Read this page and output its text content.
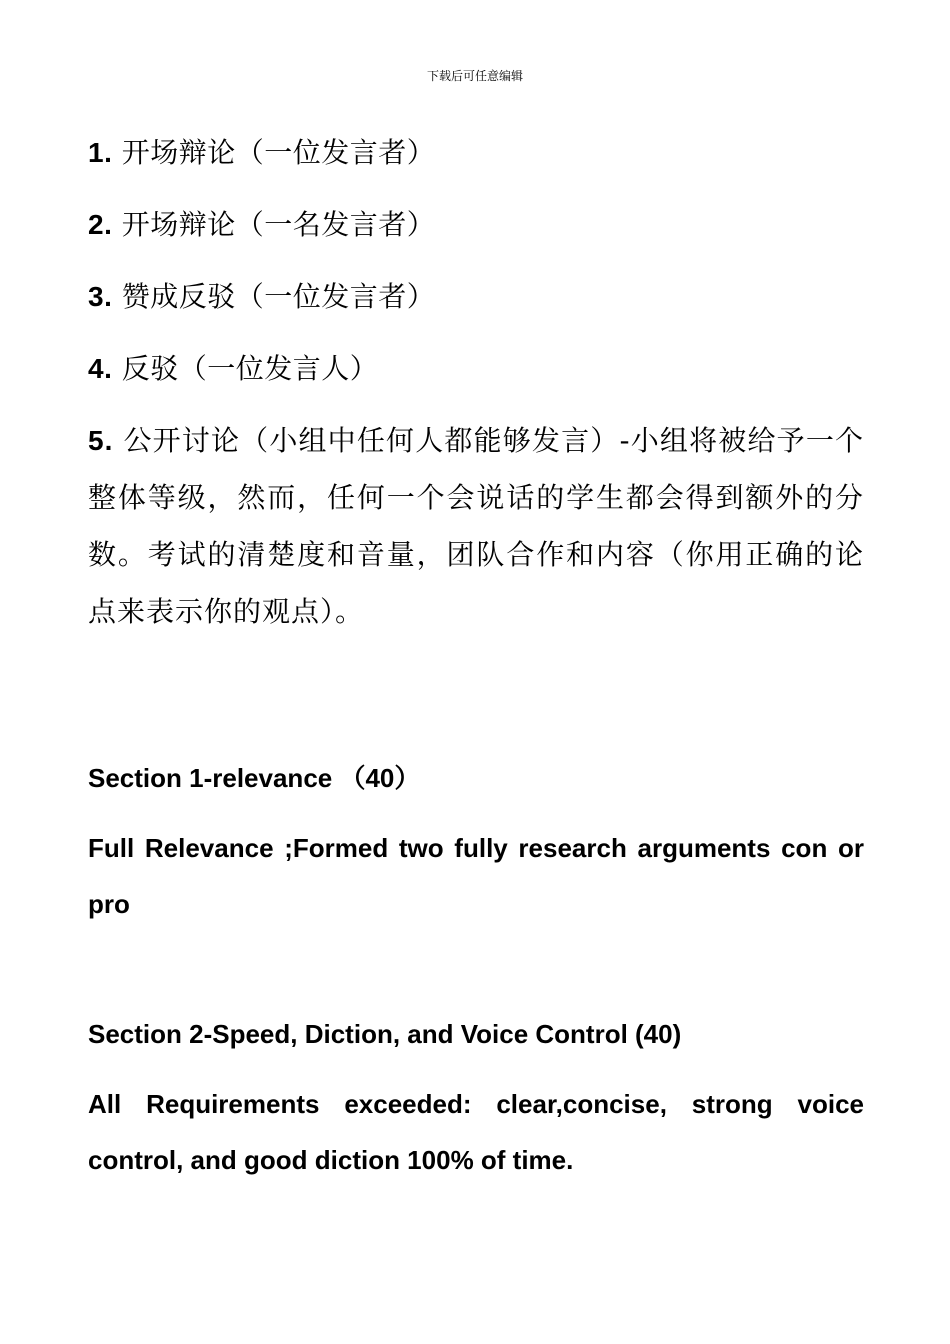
下载后可任意编辑

1. 开场辩论（一位发言者）

2. 开场辩论（一名发言者）

3. 赞成反驳（一位发言者）

4. 反驳（一位发言人）

5. 公开讨论（小组中任何人都能够发言）-小组将被给予一个整体等级，然而，任何一个会说话的学生都会得到额外的分数。考试的清楚度和音量，团队合作和内容（你用正确的论点来表示你的观点）。

Section 1-relevance （40）

Full Relevance ;Formed two fully research arguments con or pro

Section 2-Speed, Diction, and Voice Control (40)

All Requirements exceeded: clear,concise, strong voice control, and good diction 100% of time.
